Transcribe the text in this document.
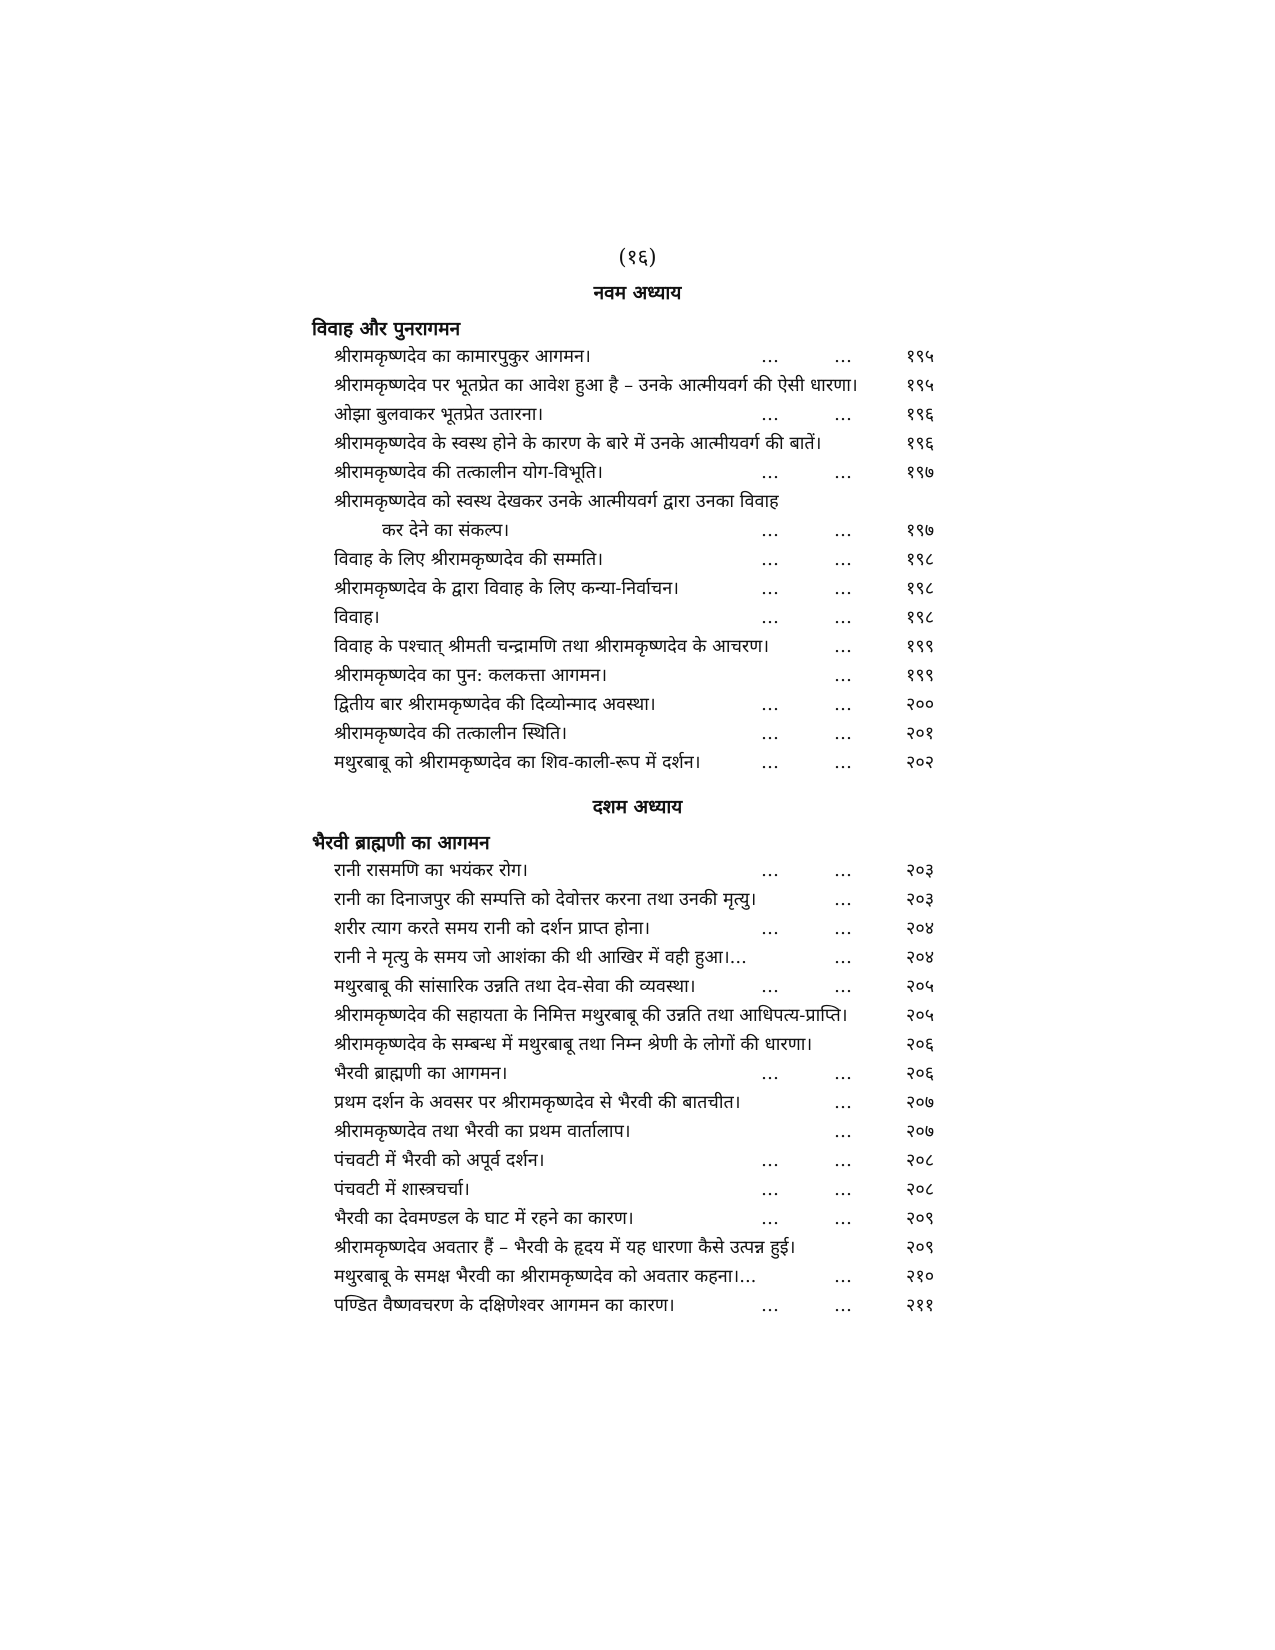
(१६)
नवम अध्याय
विवाह और पुनरागमन
श्रीरामकृष्णदेव का कामारपुकुर आगमन।	…	…	१९५
श्रीरामकृष्णदेव पर भूतप्रेत का आवेश हुआ है – उनके आत्मीयवर्ग की ऐसी धारणा।	१९५
ओझा बुलवाकर भूतप्रेत उतारना।	…	…	१९६
श्रीरामकृष्णदेव के स्वस्थ होने के कारण के बारे में उनके आत्मीयवर्ग की बातें।	१९६
श्रीरामकृष्णदेव की तत्कालीन योग-विभूति।	…	…	१९७
श्रीरामकृष्णदेव को स्वस्थ देखकर उनके आत्मीयवर्ग द्वारा उनका विवाह
कर देने का संकल्प।	…	…	१९७
विवाह के लिए श्रीरामकृष्णदेव की सम्मति।	…	…	१९८
श्रीरामकृष्णदेव के द्वारा विवाह के लिए कन्या-निर्वाचन।	…	…	१९८
विवाह।	…	…	१९८
विवाह के पश्चात् श्रीमती चन्द्रामणि तथा श्रीरामकृष्णदेव के आचरण।	…	१९९
श्रीरामकृष्णदेव का पुन: कलकत्ता आगमन।	…	१९९
द्वितीय बार श्रीरामकृष्णदेव की दिव्योन्माद अवस्था।	…	…	२००
श्रीरामकृष्णदेव की तत्कालीन स्थिति।	…	…	२०१
मथुरबाबू को श्रीरामकृष्णदेव का शिव-काली-रूप में दर्शन।	…	…	२०२
दशम अध्याय
भैरवी ब्राह्मणी का आगमन
रानी रासमणि का भयंकर रोग।	…	…	२०३
रानी का दिनाजपुर की सम्पत्ति को देवोत्तर करना तथा उनकी मृत्यु।	…	२०३
शरीर त्याग करते समय रानी को दर्शन प्राप्त होना।	…	…	२०४
रानी ने मृत्यु के समय जो आशंका की थी आखिर में वही हुआ।...	…	२०४
मथुरबाबू की सांसारिक उन्नति तथा देव-सेवा की व्यवस्था।	…	…	२०५
श्रीरामकृष्णदेव की सहायता के निमित्त मथुरबाबू की उन्नति तथा आधिपत्य-प्राप्ति।	२०५
श्रीरामकृष्णदेव के सम्बन्ध में मथुरबाबू तथा निम्न श्रेणी के लोगों की धारणा।	२०६
भैरवी ब्राह्मणी का आगमन।	…	…	२०६
प्रथम दर्शन के अवसर पर श्रीरामकृष्णदेव से भैरवी की बातचीत।	…	२०७
श्रीरामकृष्णदेव तथा भैरवी का प्रथम वार्तालाप।	…	२०७
पंचवटी में भैरवी को अपूर्व दर्शन।	…	…	२०८
पंचवटी में शास्त्रचर्चा।	…	…	२०८
भैरवी का देवमण्डल के घाट में रहने का कारण।	…	…	२०९
श्रीरामकृष्णदेव अवतार हैं – भैरवी के हृदय में यह धारणा कैसे उत्पन्न हुई।	२०९
मथुरबाबू के समक्ष भैरवी का श्रीरामकृष्णदेव को अवतार कहना।...	…	२१०
पण्डित वैष्णवचरण के दक्षिणेश्वर आगमन का कारण।	…	…	२११
